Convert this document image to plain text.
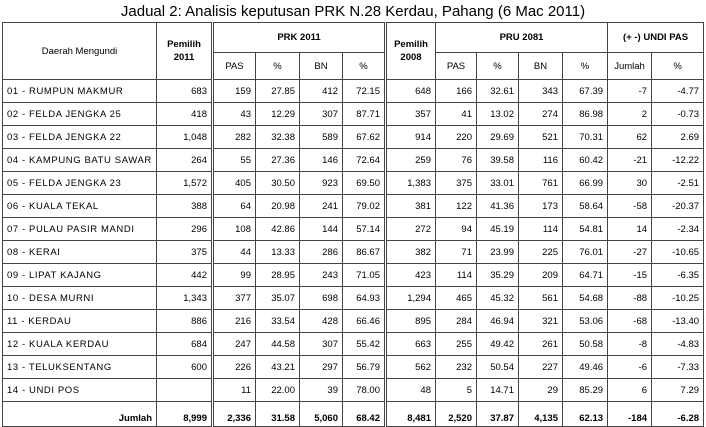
Jadual 2: Analisis keputusan PRK N.28 Kerdau, Pahang (6 Mac 2011)
Daerah Mengundi	Pemilih 2011	PRK 2011				Pemilih 2008	PRU 2081				(+ -) UNDI PAS	
		PAS	%	BN	%		PAS	%	BN	%	Jumlah	%
01 - RUMPUN MAKMUR	683	159	27.85	412	72.15	648	166	32.61	343	67.39	-7	-4.77
02 - FELDA JENGKA 25	418	43	12.29	307	87.71	357	41	13.02	274	86.98	2	-0.73
03 - FELDA JENGKA 22	1,048	282	32.38	589	67.62	914	220	29.69	521	70.31	62	2.69
04 - KAMPUNG BATU SAWAR	264	55	27.36	146	72.64	259	76	39.58	116	60.42	-21	-12.22
05 - FELDA JENGKA 23	1,572	405	30.50	923	69.50	1,383	375	33.01	761	66.99	30	-2.51
06 - KUALA TEKAL	388	64	20.98	241	79.02	381	122	41.36	173	58.64	-58	-20.37
07 - PULAU PASIR MANDI	296	108	42.86	144	57.14	272	94	45.19	114	54.81	14	-2.34
08 - KERAI	375	44	13.33	286	86.67	382	71	23.99	225	76.01	-27	-10.65
09 - LIPAT KAJANG	442	99	28.95	243	71.05	423	114	35.29	209	64.71	-15	-6.35
10 - DESA MURNI	1,343	377	35.07	698	64.93	1,294	465	45.32	561	54.68	-88	-10.25
11 - KERDAU	886	216	33.54	428	66.46	895	284	46.94	321	53.06	-68	-13.40
12 - KUALA KERDAU	684	247	44.58	307	55.42	663	255	49.42	261	50.58	-8	-4.83
13 - TELUKSENTANG	600	226	43.21	297	56.79	562	232	50.54	227	49.46	-6	-7.33
14 - UNDI POS		11	22.00	39	78.00	48	5	14.71	29	85.29	6	7.29
Jumlah	8,999	2,336	31.58	5,060	68.42	8,481	2,520	37.87	4,135	62.13	-184	-6.28
